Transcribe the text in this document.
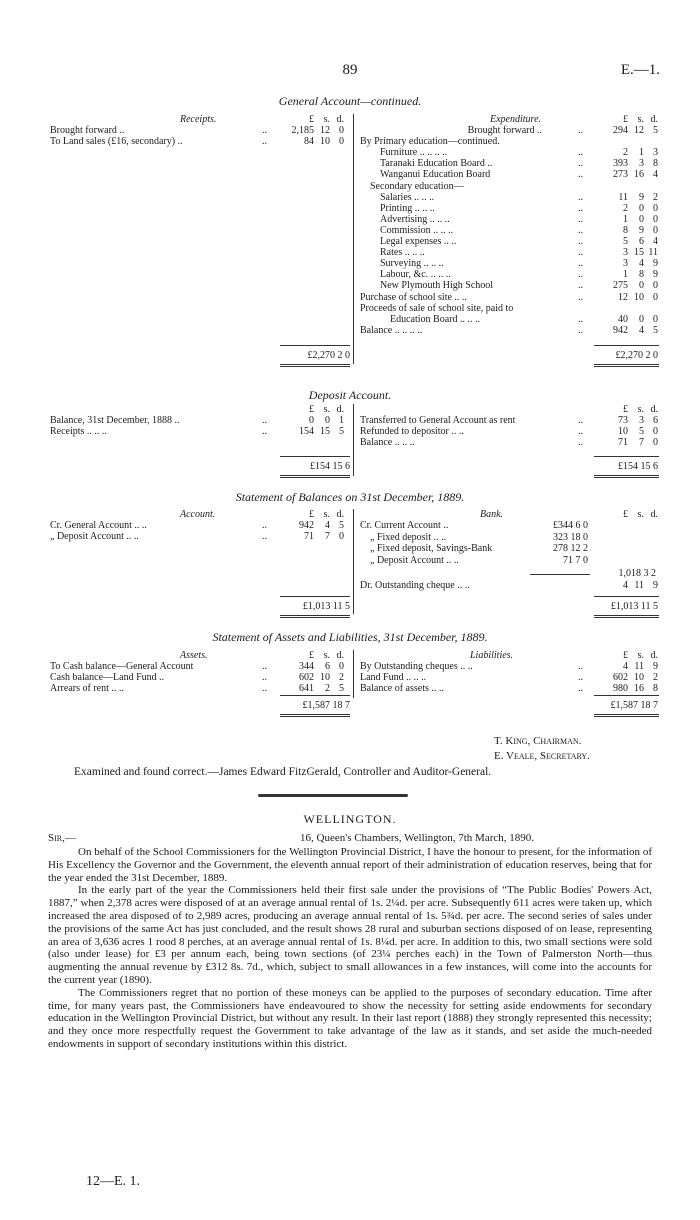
89	E.—1.
General Account—continued.
Receipts.	Expenditure.
£ s. d.	£ s. d.
Brought forward ..	..	2,185 12 0
To Land sales (£16, secondary) ..	..	84 10 0
Brought forward ..	..	294 12 5
By Primary education—continued.
Furniture .. .. .. ..	..	2 1 3
Taranaki Education Board ..	..	393 3 8
Wanganui Education Board	..	273 16 4
Secondary education—
Salaries .. .. ..	..	11 9 2
Printing .. .. ..	..	2 0 0
Advertising .. .. ..	..	1 0 0
Commission .. .. ..	..	8 9 0
Legal expenses .. ..	..	5 6 4
Rates .. .. ..	..	3 15 11
Surveying .. .. ..	..	3 4 9
Labour, &c. .. .. ..	..	1 8 9
New Plymouth High School	..	275 0 0
Purchase of school site .. ..	..	12 10 0
Proceeds of sale of school site, paid to
Education Board .. .. ..	..	40 0 0
Balance .. .. .. ..	..	942 4 5
£2,270 2 0	£2,270 2 0
Deposit Account.
£ s. d.	£ s. d.
Balance, 31st December, 1888 ..	..	0 0 1
Receipts .. .. ..	..	154 15 5
Transferred to General Account as rent	..	73 3 6
Refunded to depositor .. ..	..	10 5 0
Balance .. .. ..	..	71 7 0
£154 15 6	£154 15 6
Statement of Balances on 31st December, 1889.
Account.	Bank.
£ s. d.	£ s. d.
Cr. General Account .. ..	..	942 4 5
„ Deposit Account .. ..	..	71 7 0
Cr. Current Account ..	£344 6 0
„ Fixed deposit .. ..	323 18 0
„ Fixed deposit, Savings-Bank	278 12 2
„ Deposit Account .. ..	71 7 0
1,018 3 2
Dr. Outstanding cheque .. ..	4 11 9
£1,013 11 5	£1,013 11 5
Statement of Assets and Liabilities, 31st December, 1889.
Assets.	Liabilities.
£ s. d.	£ s. d.
To Cash balance—General Account	..	344 6 0
Cash balance—Land Fund ..	..	602 10 2
Arrears of rent .. ..	..	641 2 5
By Outstanding cheques .. ..	..	4 11 9
Land Fund .. .. ..	..	602 10 2
Balance of assets .. ..	..	980 16 8
£1,587 18 7	£1,587 18 7
T. King, Chairman.
E. Veale, Secretary.
Examined and found correct.—James Edward FitzGerald, Controller and Auditor-General.
WELLINGTON.
Sir,—	16, Queen's Chambers, Wellington, 7th March, 1890.

On behalf of the School Commissioners for the Wellington Provincial District, I have the honour to present, for the information of His Excellency the Governor and the Government, the eleventh annual report of their administration of education reserves, being that for the year ended the 31st December, 1889.

In the early part of the year the Commissioners held their first sale under the provisions of “The Public Bodies' Powers Act, 1887,” when 2,378 acres were disposed of at an average annual rental of 1s. 2¼d. per acre. Subsequently 611 acres were taken up, which increased the area disposed of to 2,989 acres, producing an average annual rental of 1s. 5¾d. per acre. The second series of sales under the provisions of the same Act has just concluded, and the result shows 28 rural and suburban sections disposed of on lease, representing an area of 3,636 acres 1 rood 8 perches, at an average annual rental of 1s. 8¼d. per acre. In addition to this, two small sections were sold (also under lease) for £3 per annum each, being town sections (of 23¼ perches each) in the Town of Palmerston North—thus augmenting the annual revenue by £312 8s. 7d., which, subject to small allowances in a few instances, will come into the accounts for the current year (1890).

The Commissioners regret that no portion of these moneys can be applied to the purposes of secondary education. Time after time, for many years past, the Commissioners have endeavoured to show the necessity for setting aside endowments for secondary education in the Wellington Provincial District, but without any result. In their last report (1888) they strongly represented this necessity; and they once more respectfully request the Government to take advantage of the law as it stands, and set aside the much-needed endowments in support of secondary institutions within this district.

12—E. 1.
